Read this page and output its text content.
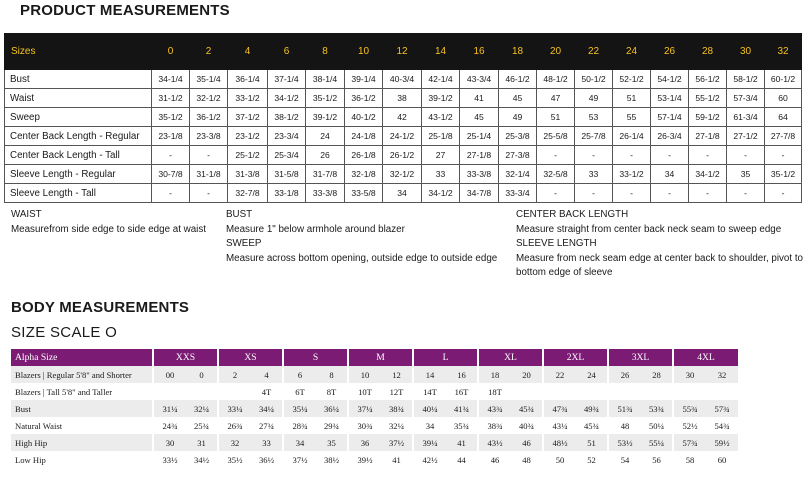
PRODUCT MEASUREMENTS
Sizes	0	2	4	6	8	10	12	14	16	18	20	22	24	26	28	30	32
Bust	34-1/4	35-1/4	36-1/4	37-1/4	38-1/4	39-1/4	40-3/4	42-1/4	43-3/4	46-1/2	48-1/2	50-1/2	52-1/2	54-1/2	56-1/2	58-1/2	60-1/2
Waist	31-1/2	32-1/2	33-1/2	34-1/2	35-1/2	36-1/2	38	39-1/2	41	45	47	49	51	53-1/4	55-1/2	57-3/4	60
Sweep	35-1/2	36-1/2	37-1/2	38-1/2	39-1/2	40-1/2	42	43-1/2	45	49	51	53	55	57-1/4	59-1/2	61-3/4	64
Center Back Length - Regular	23-1/8	23-3/8	23-1/2	23-3/4	24	24-1/8	24-1/2	25-1/8	25-1/4	25-3/8	25-5/8	25-7/8	26-1/4	26-3/4	27-1/8	27-1/2	27-7/8
Center Back Length - Tall	-	-	25-1/2	25-3/4	26	26-1/8	26-1/2	27	27-1/8	27-3/8	-	-	-	-	-	-	-
Sleeve Length - Regular	30-7/8	31-1/8	31-3/8	31-5/8	31-7/8	32-1/8	32-1/2	33	33-3/8	32-1/4	32-5/8	33	33-1/2	34	34-1/2	35	35-1/2
Sleeve Length - Tall	-	-	32-7/8	33-1/8	33-3/8	33-5/8	34	34-1/2	34-7/8	33-3/4	-	-	-	-	-	-	-
WAIST
Measurefrom side edge to side edge at waist
BUST
Measure 1" below armhole around blazer
SWEEP
Measure across bottom opening, outside edge to outside edge
CENTER BACK LENGTH
Measure straight from center back neck seam to sweep edge
SLEEVE LENGTH
Measure from neck seam edge at center back to shoulder, pivot to
bottom edge of sleeve
BODY MEASUREMENTS
SIZE SCALE O
Alpha Size	XXS		XS		S		M		L		XL		2XL		3XL		4XL	
Blazers | Regular 5'8" and Shorter	00	0	2	4	6	8	10	12	14	16	18	20	22	24	26	28	30	32
Blazers | Tall 5'8" and Taller				4T	6T	8T	10T	12T	14T	16T	18T							
Bust	31¼	32¼	33¼	34¼	35¼	36¼	37¼	38¾	40¼	41¾	43¾	45¾	47¾	49¾	51¾	53¾	55¾	57¾
Natural Waist	24¾	25¾	26¾	27¾	28¾	29¾	30¾	32¼	34	35¾	38¾	40¾	43¼	45¾	48	50¼	52½	54¾
High Hip	30	31	32	33	34	35	36	37½	39¼	41	43½	46	48½	51	53½	55¼	57¾	59½
Low Hip	33½	34½	35½	36½	37½	38½	39½	41	42½	44	46	48	50	52	54	56	58	60
